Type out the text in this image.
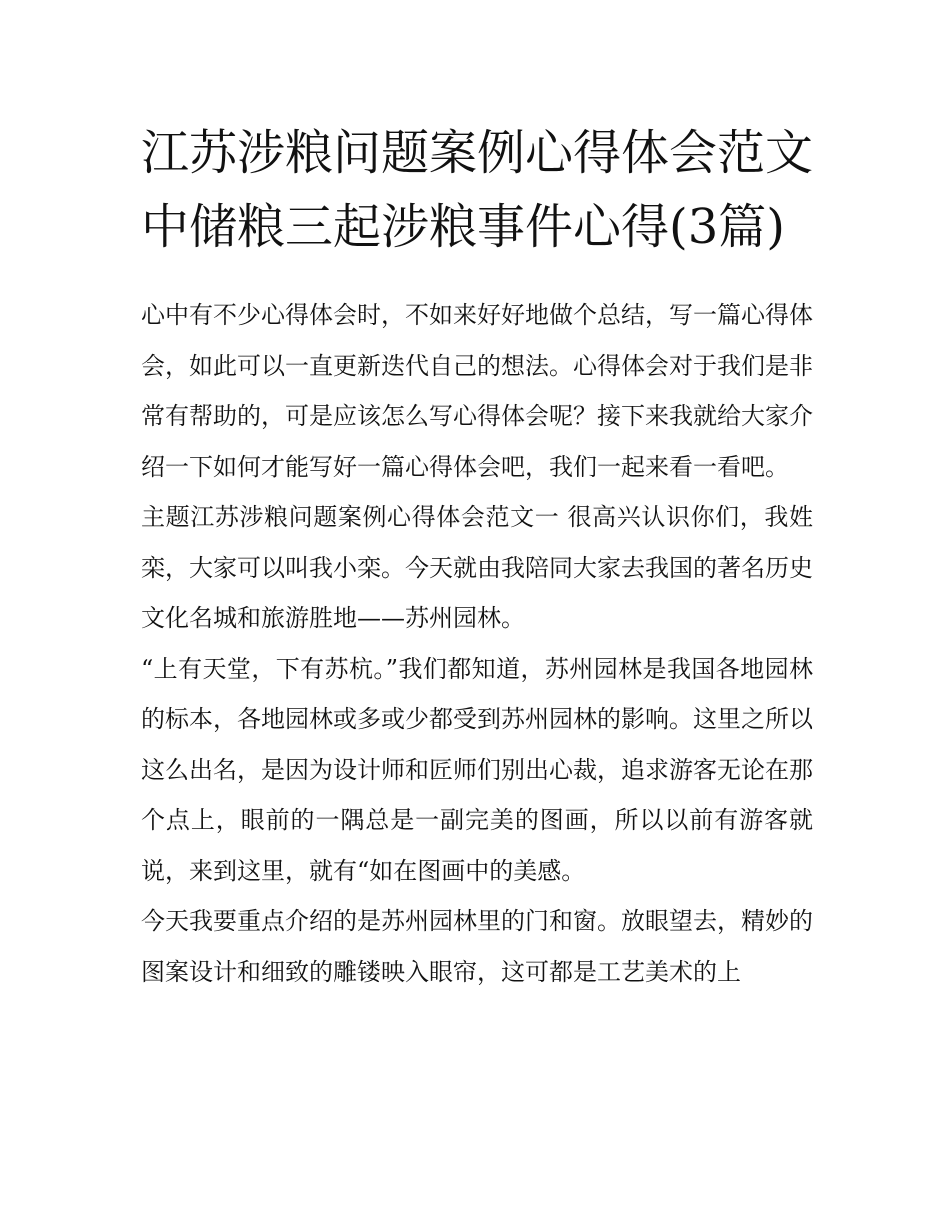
江苏涉粮问题案例心得体会范文 中储粮三起涉粮事件心得(3篇)

心中有不少心得体会时，不如来好好地做个总结，写一篇心得体会，如此可以一直更新迭代自己的想法。心得体会对于我们是非常有帮助的，可是应该怎么写心得体会呢？接下来我就给大家介绍一下如何才能写好一篇心得体会吧，我们一起来看一看吧。

主题江苏涉粮问题案例心得体会范文一 很高兴认识你们，我姓栾，大家可以叫我小栾。今天就由我陪同大家去我国的著名历史文化名城和旅游胜地——苏州园林。

“上有天堂，下有苏杭。”我们都知道，苏州园林是我国各地园林的标本，各地园林或多或少都受到苏州园林的影响。这里之所以这么出名，是因为设计师和匠师们别出心裁，追求游客无论在那个点上，眼前的一隅总是一副完美的图画，所以以前有游客就说，来到这里，就有“如在图画中的美感。

今天我要重点介绍的是苏州园林里的门和窗。放眼望去，精妙的图案设计和细致的雕镂映入眼帘，这可都是工艺美术的上
